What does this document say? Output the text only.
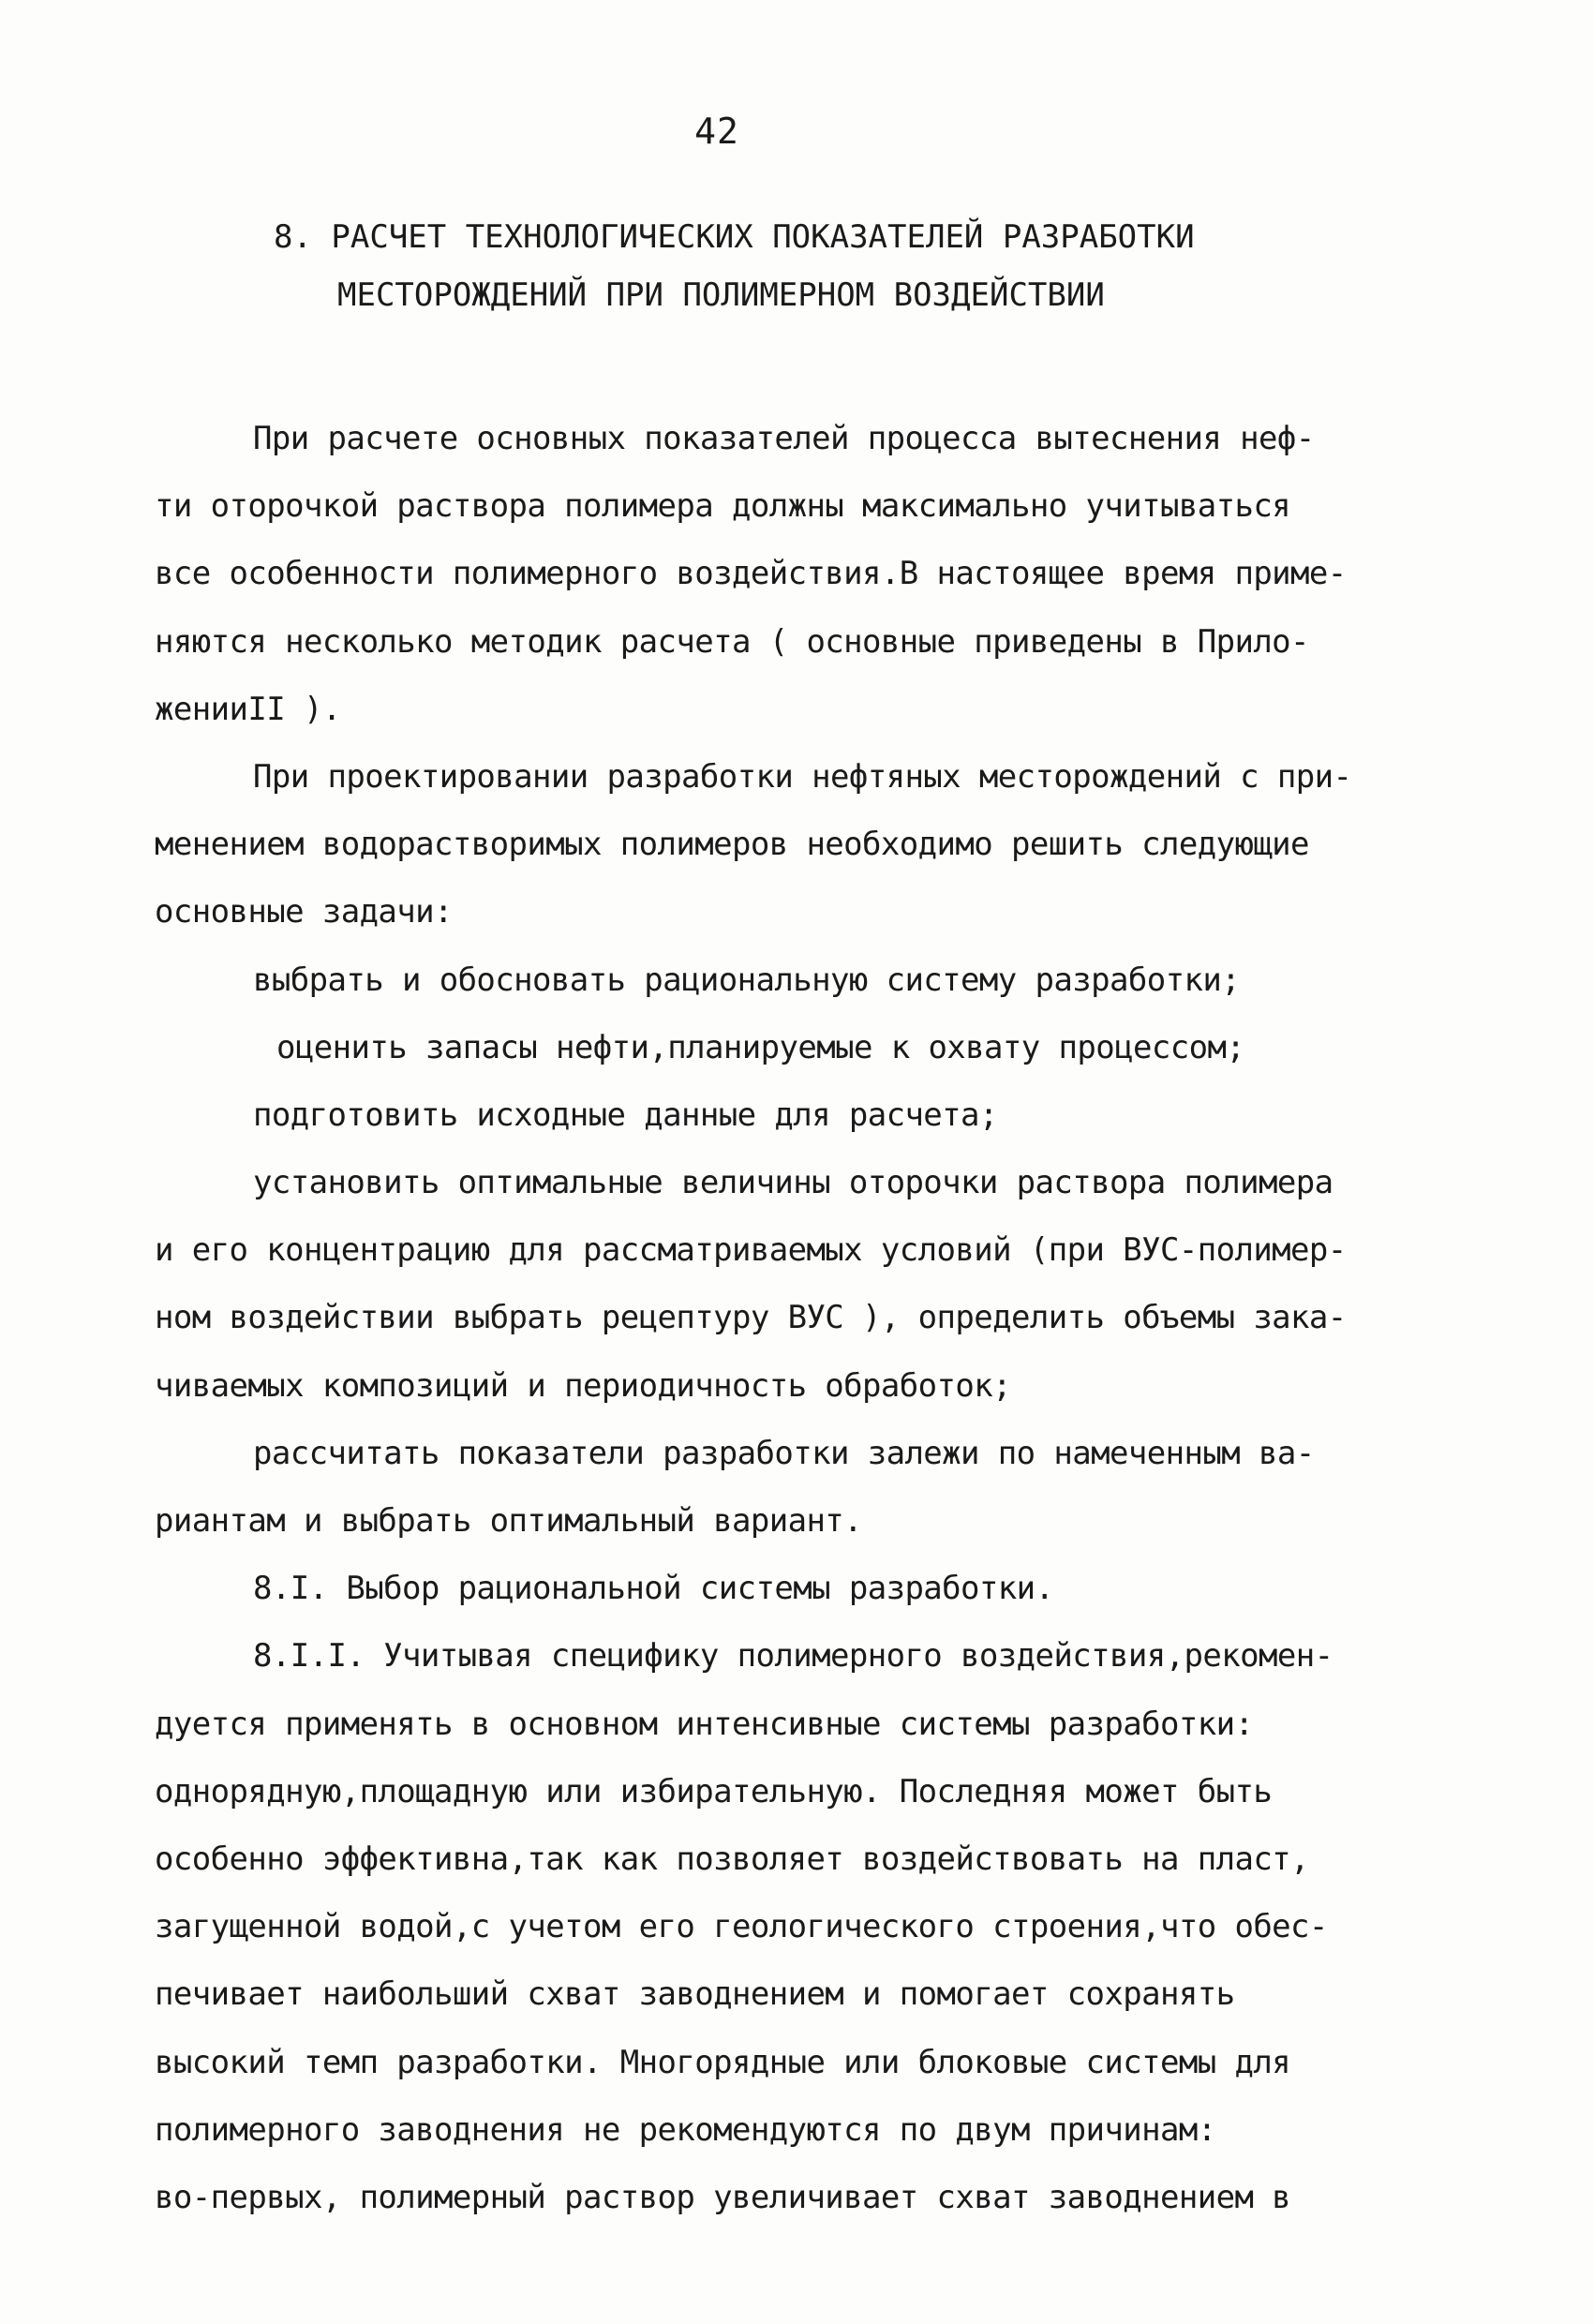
42
8. РАСЧЕТ ТЕХНОЛОГИЧЕСКИХ ПОКАЗАТЕЛЕЙ РАЗРАБОТКИ
МЕСТОРОЖДЕНИЙ ПРИ ПОЛИМЕРНОМ ВОЗДЕЙСТВИИ
При расчете основных показателей процесса вытеснения неф-
ти оторочкой раствора полимера должны максимально учитываться
все особенности полимерного воздействия.В настоящее время приме-
няются несколько методик расчета ( основные приведены в Прило-
женииII ).
При проектировании разработки нефтяных месторождений с при-
менением водорастворимых полимеров необходимо решить следующие
основные задачи:
выбрать и обосновать рациональную систему разработки;
оценить запасы нефти,планируемые к охвату процессом;
подготовить исходные данные для расчета;
установить оптимальные величины оторочки раствора полимера
и его концентрацию для рассматриваемых условий (при ВУС-полимер-
ном воздействии выбрать рецептуру ВУС ), определить объемы зака-
чиваемых композиций и периодичность обработок;
рассчитать показатели разработки залежи по намеченным ва-
риантам и выбрать оптимальный вариант.
8.I. Выбор рациональной системы разработки.
8.I.I. Учитывая специфику полимерного воздействия,рекомен-
дуется применять в основном интенсивные системы разработки:
однорядную,площадную или избирательную. Последняя может быть
особенно эффективна,так как позволяет воздействовать на пласт,
загущенной водой,с учетом его геологического строения,что обес-
печивает наибольший схват заводнением и помогает сохранять
высокий темп разработки. Многорядные или блоковые системы для
полимерного заводнения не рекомендуются по двум причинам:
во-первых, полимерный раствор увеличивает схват заводнением в
